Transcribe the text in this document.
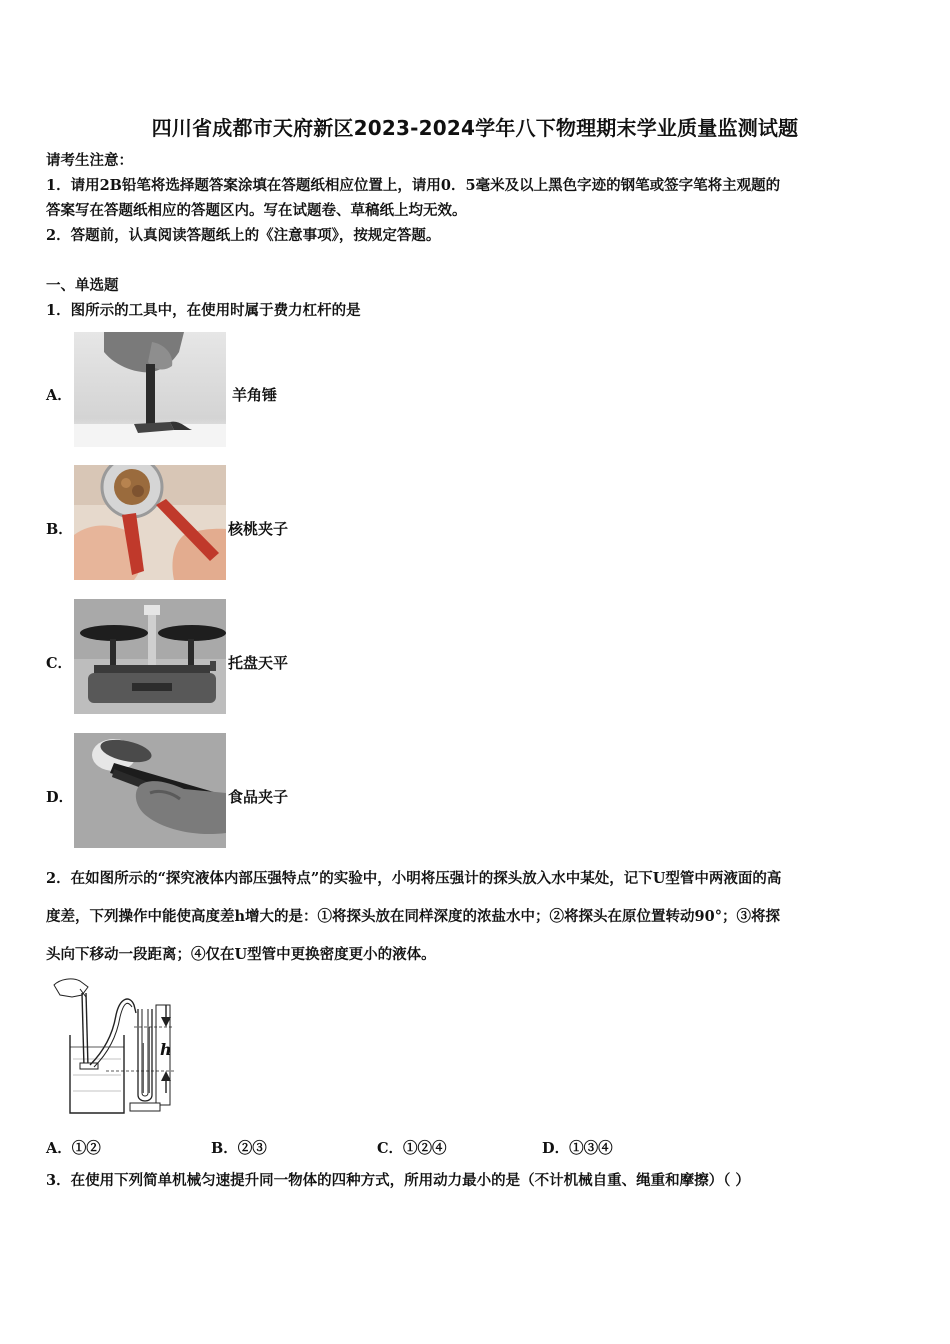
四川省成都市天府新区2023-2024学年八下物理期末学业质量监测试题
请考生注意：
1．请用2B铅笔将选择题答案涂填在答题纸相应位置上，请用0．5毫米及以上黑色字迹的钢笔或签字笔将主观题的
答案写在答题纸相应的答题区内。写在试题卷、草稿纸上均无效。
2．答题前，认真阅读答题纸上的《注意事项》，按规定答题。
一、单选题
1．图所示的工具中，在使用时属于费力杠杆的是
A．	羊角锤
B．	核桃夹子
C．	托盘天平
D．	食品夹子
2．在如图所示的“探究液体内部压强特点”的实验中，小明将压强计的探头放入水中某处，记下U型管中两液面的高
度差，下列操作中能使高度差h增大的是：①将探头放在同样深度的浓盐水中；②将探头在原位置转动90°；③将探
头向下移动一段距离；④仅在U型管中更换密度更小的液体。
h
A．①②	B．②③	C．①②④	D．①③④
3．在使用下列简单机械匀速提升同一物体的四种方式，所用动力最小的是（不计机械自重、绳重和摩擦）（ ）
